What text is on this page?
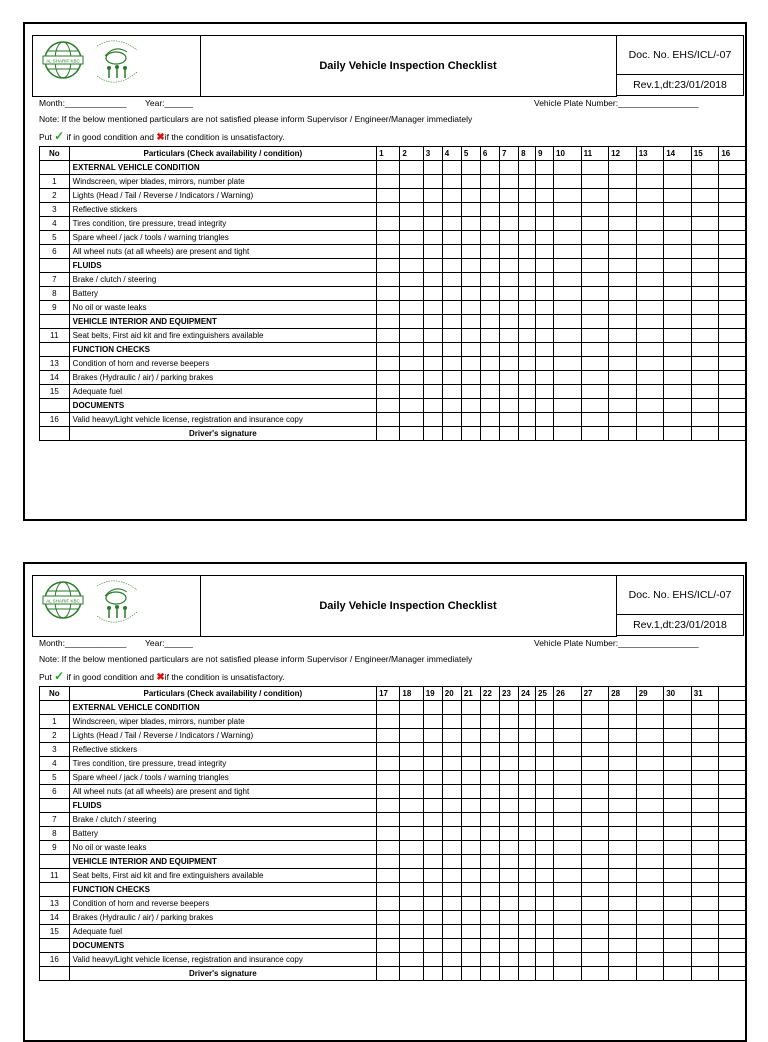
AL SHARIF KBC	Daily Vehicle Inspection Checklist
Doc. No. EHS/ICL/-07
Rev.1,dt:23/01/2018
Month:_____________ Year:______	Vehicle Plate Number:_________________
Note: If the below mentioned particulars are not satisfied please inform Supervisor / Engineer/Manager immediately
Put ✓ if in good condition and ✖if the condition is unsatisfactory.
No	Particulars (Check availability / condition)	1	2	3	4	5	6	7	8	9	10	11	12	13	14	15	16
	EXTERNAL VEHICLE CONDITION																
1	Windscreen, wiper blades, mirrors, number plate																
2	Lights (Head / Tail / Reverse / Indicators / Warning)																
3	Reflective stickers																
4	Tires condition, tire pressure, tread integrity																
5	Spare wheel / jack / tools / warning triangles																
6	All wheel nuts (at all wheels) are present and tight																
	FLUIDS																
7	Brake / clutch / steering																
8	Battery																
9	No oil or waste leaks																
	VEHICLE INTERIOR AND EQUIPMENT																
11	Seat belts, First aid kit and fire extinguishers available																
	FUNCTION CHECKS																
13	Condition of horn and reverse beepers																
14	Brakes (Hydraulic / air) / parking brakes																
15	Adequate fuel																
	DOCUMENTS																
16	Valid heavy/Light vehicle license, registration and insurance copy																
	Driver's signature																
AL SHARIF KBC	Daily Vehicle Inspection Checklist
Doc. No. EHS/ICL/-07
Rev.1,dt:23/01/2018
Month:_____________ Year:______	Vehicle Plate Number:_________________
Note: If the below mentioned particulars are not satisfied please inform Supervisor / Engineer/Manager immediately
Put ✓ if in good condition and ✖if the condition is unsatisfactory.
No	Particulars (Check availability / condition)	17	18	19	20	21	22	23	24	25	26	27	28	29	30	31	
	EXTERNAL VEHICLE CONDITION																
1	Windscreen, wiper blades, mirrors, number plate																
2	Lights (Head / Tail / Reverse / Indicators / Warning)																
3	Reflective stickers																
4	Tires condition, tire pressure, tread integrity																
5	Spare wheel / jack / tools / warning triangles																
6	All wheel nuts (at all wheels) are present and tight																
	FLUIDS																
7	Brake / clutch / steering																
8	Battery																
9	No oil or waste leaks																
	VEHICLE INTERIOR AND EQUIPMENT																
11	Seat belts, First aid kit and fire extinguishers available																
	FUNCTION CHECKS																
13	Condition of horn and reverse beepers																
14	Brakes (Hydraulic / air) / parking brakes																
15	Adequate fuel																
	DOCUMENTS																
16	Valid heavy/Light vehicle license, registration and insurance copy																
	Driver's signature																
